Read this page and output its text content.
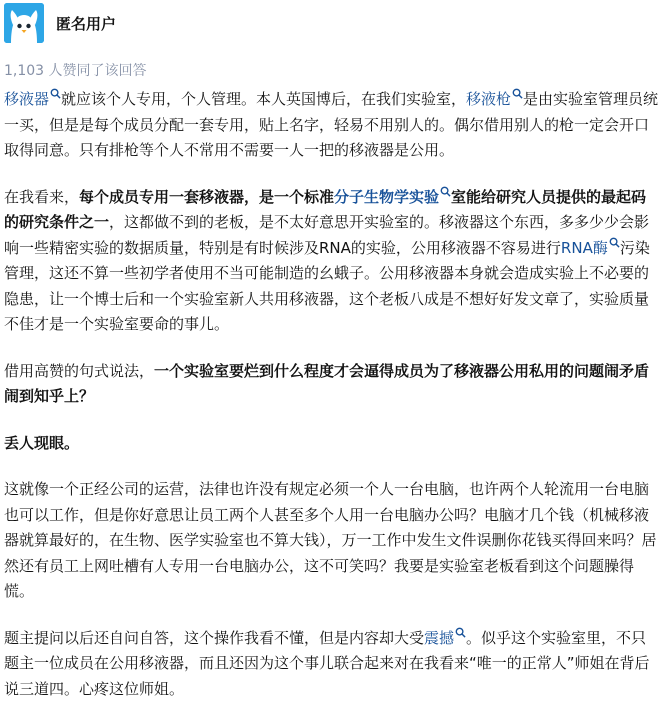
匿名用户
1,103 人赞同了该回答

移液器 就应该个人专用，个人管理。本人英国博后，在我们实验室，移液枪 是由实验室管理员统一买，但是是每个成员分配一套专用，贴上名字，轻易不用别人的。偶尔借用别人的枪一定会开口取得同意。只有排枪等个人不常用不需要一人一把的移液器是公用。

在我看来，每个成员专用一套移液器，是一个标准分子生物学实验 室能给研究人员提供的最起码的研究条件之一，这都做不到的老板，是不太好意思开实验室的。移液器这个东西，多多少少会影响一些精密实验的数据质量，特别是有时候涉及RNA的实验，公用移液器不容易进行RNA酶 污染管理，这还不算一些初学者使用不当可能制造的幺蛾子。公用移液器本身就会造成实验上不必要的隐患，让一个博士后和一个实验室新人共用移液器，这个老板八成是不想好好发文章了，实验质量不佳才是一个实验室要命的事儿。

借用高赞的句式说法，一个实验室要烂到什么程度才会逼得成员为了移液器公用私用的问题闹矛盾闹到知乎上？

丢人现眼。

这就像一个正经公司的运营，法律也许没有规定必须一个人一台电脑，也许两个人轮流用一台电脑也可以工作，但是你好意思让员工两个人甚至多个人用一台电脑办公吗？电脑才几个钱（机械移液器就算最好的，在生物、医学实验室也不算大钱），万一工作中发生文件误删你花钱买得回来吗？居然还有员工上网吐槽有人专用一台电脑办公，这不可笑吗？我要是实验室老板看到这个问题臊得慌。

题主提问以后还自问自答，这个操作我看不懂，但是内容却大受震撼 。似乎这个实验室里，不只题主一位成员在公用移液器，而且还因为这个事儿联合起来对在我看来“唯一的正常人”师姐在背后说三道四。心疼这位师姐。
